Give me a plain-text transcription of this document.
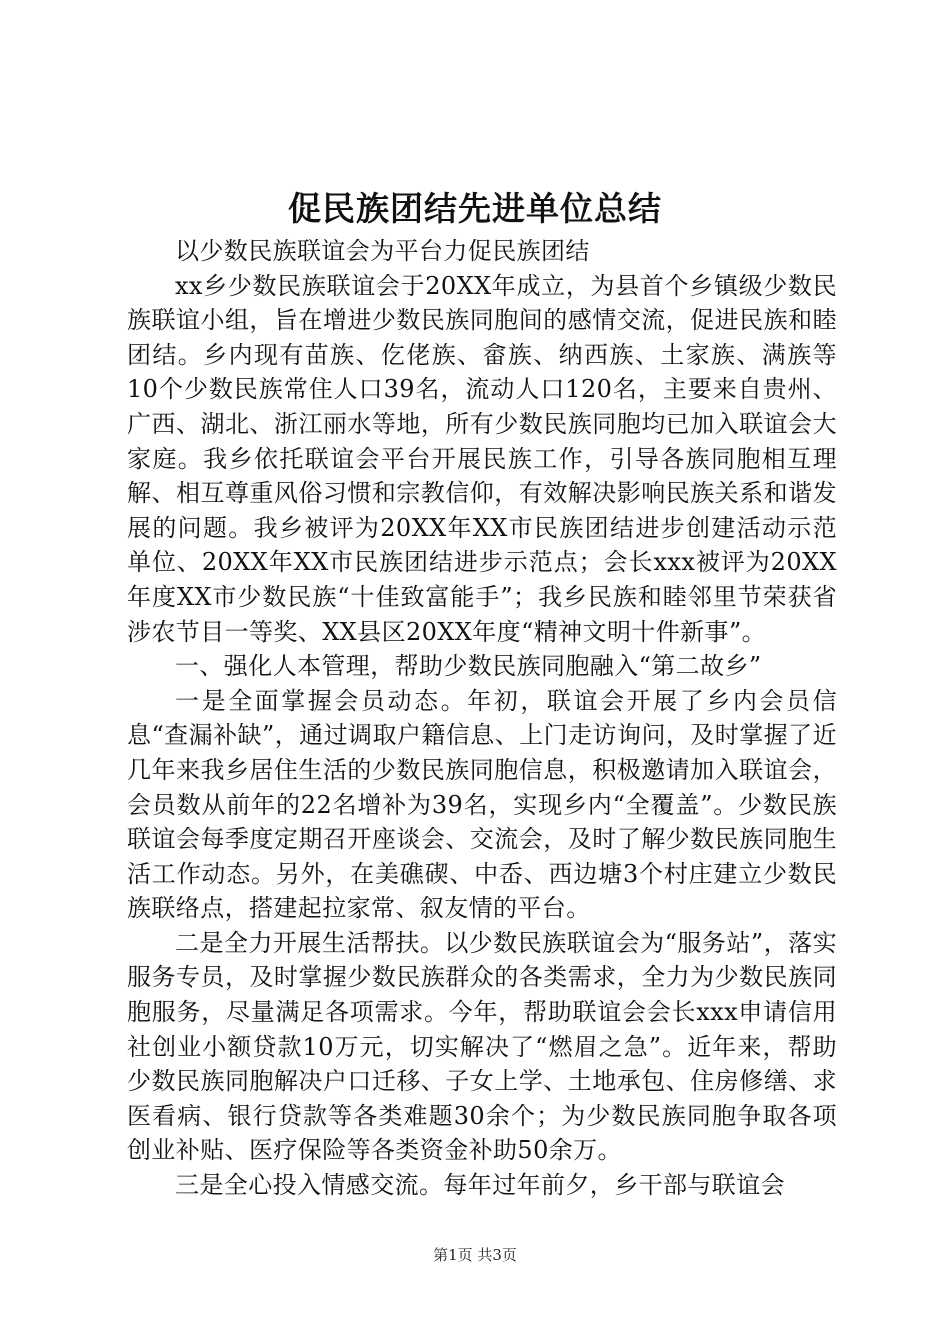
促民族团结先进单位总结

以少数民族联谊会为平台力促民族团结

xx乡少数民族联谊会于20XX年成立，为县首个乡镇级少数民族联谊小组，旨在增进少数民族同胞间的感情交流，促进民族和睦团结。乡内现有苗族、仡佬族、畲族、纳西族、土家族、满族等10个少数民族常住人口39名，流动人口120名，主要来自贵州、广西、湖北、浙江丽水等地，所有少数民族同胞均已加入联谊会大家庭。我乡依托联谊会平台开展民族工作，引导各族同胞相互理解、相互尊重风俗习惯和宗教信仰，有效解决影响民族关系和谐发展的问题。我乡被评为20XX年XX市民族团结进步创建活动示范单位、20XX年XX市民族团结进步示范点；会长xxx被评为20XX年度XX市少数民族“十佳致富能手”；我乡民族和睦邻里节荣获省涉农节目一等奖、XX县区20XX年度“精神文明十件新事”。

一、强化人本管理，帮助少数民族同胞融入“第二故乡”

一是全面掌握会员动态。年初，联谊会开展了乡内会员信息“查漏补缺”，通过调取户籍信息、上门走访询问，及时掌握了近几年来我乡居住生活的少数民族同胞信息，积极邀请加入联谊会，会员数从前年的22名增补为39名，实现乡内“全覆盖”。少数民族联谊会每季度定期召开座谈会、交流会，及时了解少数民族同胞生活工作动态。另外，在美礁碶、中岙、西边塘3个村庄建立少数民族联络点，搭建起拉家常、叙友情的平台。

二是全力开展生活帮扶。以少数民族联谊会为“服务站”，落实服务专员，及时掌握少数民族群众的各类需求，全力为少数民族同胞服务，尽量满足各项需求。今年，帮助联谊会会长xxx申请信用社创业小额贷款10万元，切实解决了“燃眉之急”。近年来，帮助少数民族同胞解决户口迁移、子女上学、土地承包、住房修缮、求医看病、银行贷款等各类难题30余个；为少数民族同胞争取各项创业补贴、医疗保险等各类资金补助50余万。

三是全心投入情感交流。每年过年前夕，乡干部与联谊会

第1页 共3页
